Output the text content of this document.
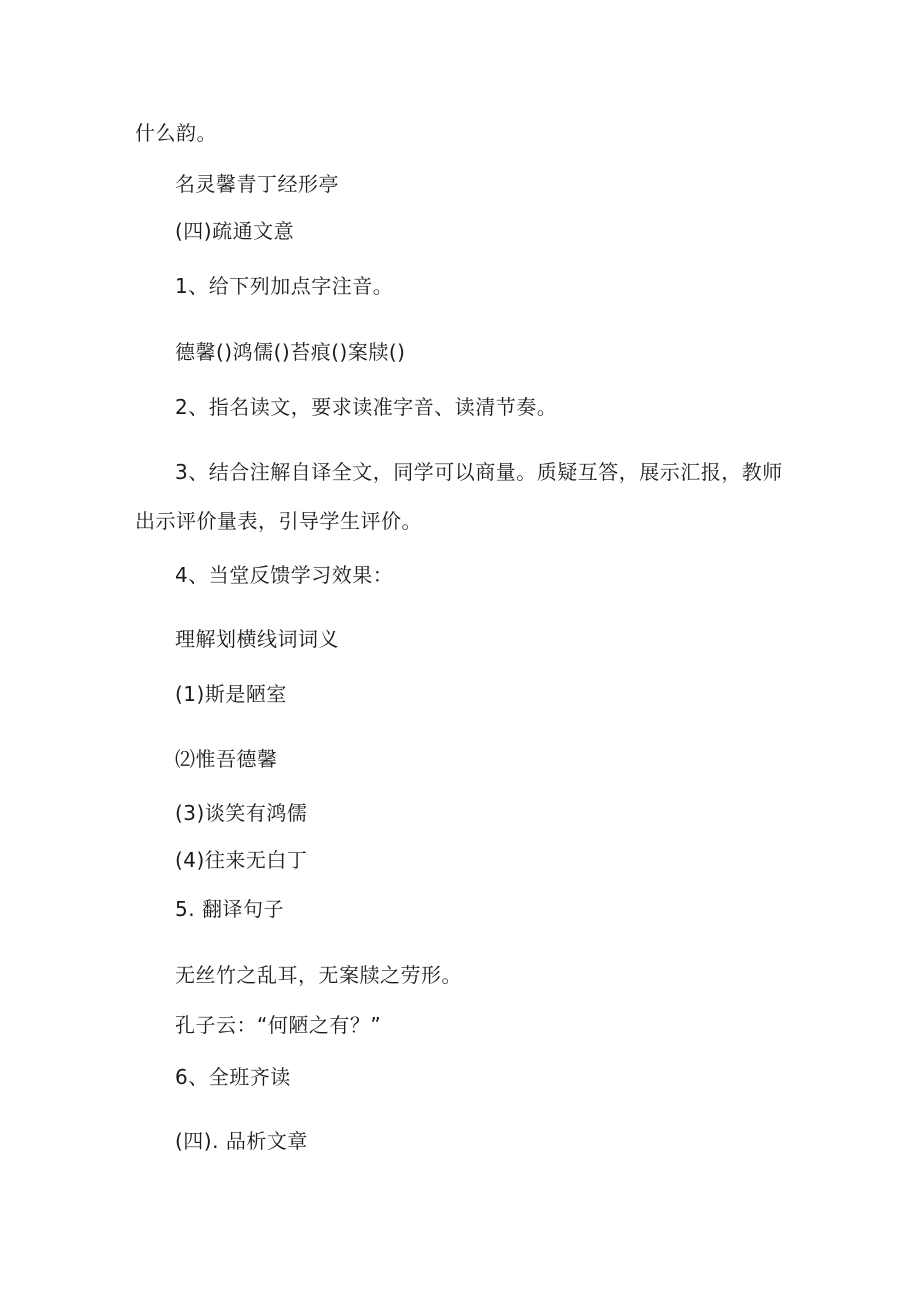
什么韵。
名灵馨青丁经形亭
(四)疏通文意
1、给下列加点字注音。
德馨()鸿儒()苔痕()案牍()
2、指名读文，要求读准字音、读清节奏。
3、结合注解自译全文，同学可以商量。质疑互答，展示汇报，教师
出示评价量表，引导学生评价。
4、当堂反馈学习效果：
理解划横线词词义
(1)斯是陋室
⑵惟吾德馨
(3)谈笑有鸿儒
(4)往来无白丁
5. 翻译句子
无丝竹之乱耳，无案牍之劳形。
孔子云：“何陋之有？”
6、全班齐读
(四). 品析文章
